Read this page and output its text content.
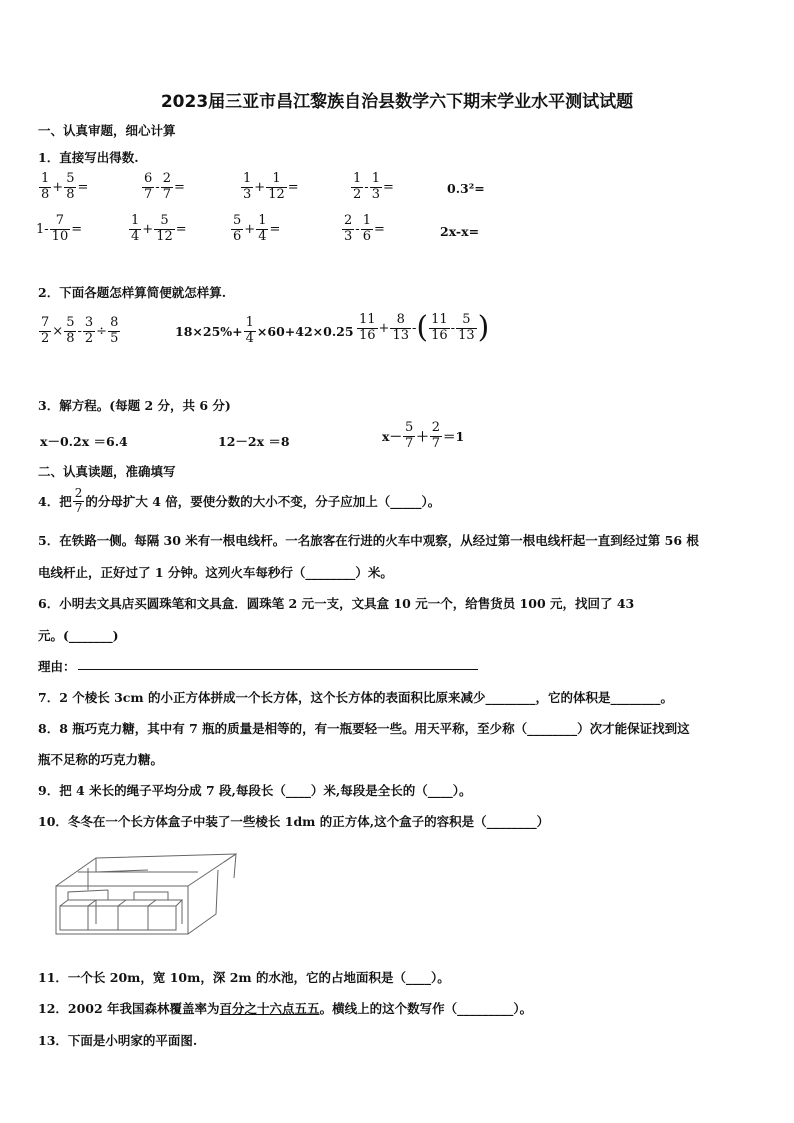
2023届三亚市昌江黎族自治县数学六下期末学业水平测试试题
一、认真审题，细心计算
1．直接写出得数.
$\frac{1}{8} + \frac{5}{8}$ =	$\frac{6}{7} - \frac{2}{7}$ =	$\frac{1}{3} + \frac{1}{12}$ =	$\frac{1}{2} - \frac{1}{3}$ =	0.3²=
$1- \frac{7}{10}$ =	$\frac{1}{4} + \frac{5}{12}$ =	$\frac{5}{6} + \frac{1}{4}$ =	$\frac{2}{3} - \frac{1}{6}$ =	2x-x=
2．下面各题怎样算简便就怎样算.
$\frac{7}{2} \times \frac{5}{8} - \frac{3}{2} \div \frac{8}{5}$	$18\times 25\%+ \frac{1}{4} \times 60+42\times 0.25 \frac{11}{16} + \frac{8}{13}$ - ( $\frac{11}{16} - \frac{5}{13}$ )
3．解方程。(每题 2 分，共 6 分)
x－0.2x ＝6.4	12－2x ＝8	$x- \frac{5}{7} + \frac{2}{7} =1$
二、认真读题，准确填写
4．把 $\frac{2}{7}$ 的分母扩大 4 倍，要使分数的大小不变，分子应加上（_____）。
5．在铁路一侧。每隔 30 米有一根电线杆。一名旅客在行进的火车中观察，从经过第一根电线杆起一直到经过第 56 根
电线杆止，正好过了 1 分钟。这列火车每秒行（________）米。
6．小明去文具店买圆珠笔和文具盒．圆珠笔 2 元一支，文具盒 10 元一个，给售货员 100 元，找回了 43
元。(_______)
理由：
7．2 个棱长 3cm 的小正方体拼成一个长方体，这个长方体的表面积比原来减少________，它的体积是________。
8．8 瓶巧克力糖，其中有 7 瓶的质量是相等的，有一瓶要轻一些。用天平称，至少称（________）次才能保证找到这
瓶不足称的巧克力糖。
9．把 4 米长的绳子平均分成 7 段,每段长（____）米,每段是全长的（____）。
10．冬冬在一个长方体盒子中装了一些棱长 1dm 的正方体,这个盒子的容积是（________）
11．一个长 20m，宽 10m，深 2m 的水池，它的占地面积是（____）。
12．2002 年我国森林覆盖率为百分之十六点五五。横线上的这个数写作（_________）。
13．下面是小明家的平面图.
